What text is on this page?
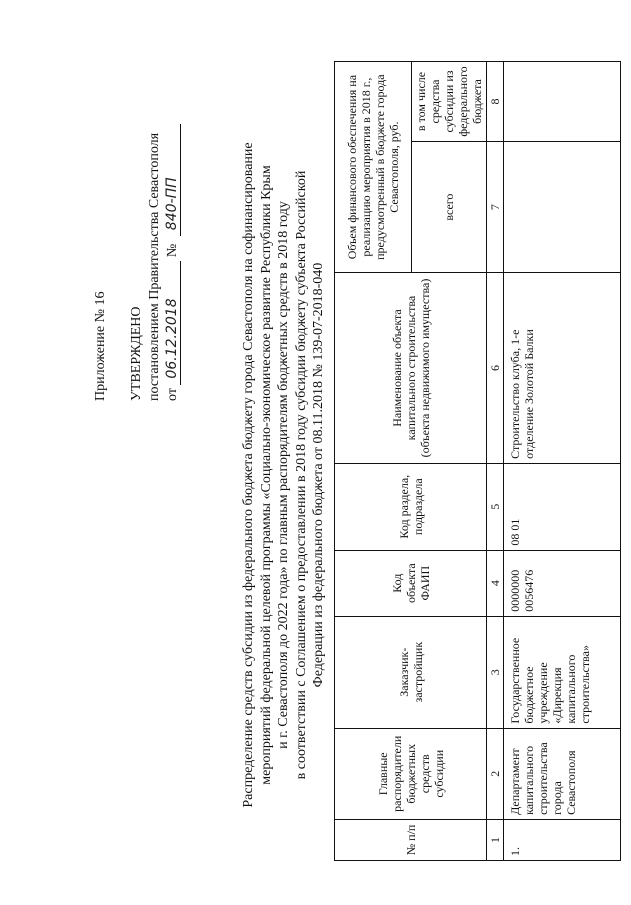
Приложение № 16 УТВЕРЖДЕНО постановлением Правительства Севастополя от 06.12.2018 № 840-ПП	Распределение средств субсидии из федерального бюджета бюджету города Севастополя на софинансирование мероприятий федеральной целевой программы «Социально-экономическое развитие Республики Крым и г. Севастополя до 2022 года» по главным распорядителям бюджетных средств в 2018 году в соответствии с Соглашением о предоставлении в 2018 году субсидии бюджету субъекта Российской Федерации из федерального бюджета от 08.11.2018 № 139-07-2018-040
№ п/п	Главные распорядители бюджетных средств субсидии	Заказчик-застройщик	Код объекта ФАИП	Код раздела, подраздела	Наименование объекта капитального строительства (объекта недвижимого имущества)	Объем финансового обеспечения на реализацию мероприятия в 2018 г., предусмотренный в бюджете города Севастополя, руб.	
						всего	в том числе средства субсидии из федерального бюджета
1	2	3	4	5	6	7	8
1.	Департамент капитального строительства города Севастополя	Государственное бюджетное учреждение «Дирекция капитального строительства»	0000000 0056476	08 01	Строительство клуба, 1-е отделение Золотой Балки		
